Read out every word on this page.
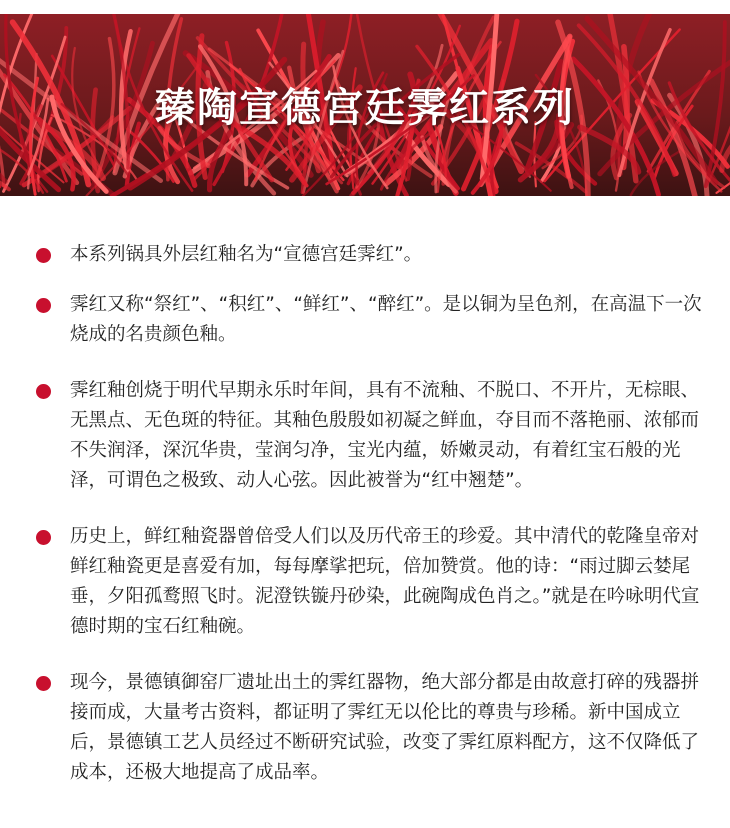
臻陶宣德宫廷霁红系列

本系列锅具外层红釉名为“宣德宫廷霁红”。

霁红又称“祭红”、“积红”、“鲜红”、“醉红”。是以铜为呈色剂，在高温下一次烧成的名贵颜色釉。

霁红釉创烧于明代早期永乐时年间，具有不流釉、不脱口、不开片，无棕眼、无黑点、无色斑的特征。其釉色殷殷如初凝之鲜血，夺目而不落艳丽、浓郁而不失润泽，深沉华贵，莹润匀净，宝光内蕴，娇嫩灵动，有着红宝石般的光泽，可谓色之极致、动人心弦。因此被誉为“红中翘楚”。

历史上，鲜红釉瓷器曾倍受人们以及历代帝王的珍爱。其中清代的乾隆皇帝对鲜红釉瓷更是喜爱有加，每每摩挲把玩，倍加赞赏。他的诗：“雨过脚云婪尾垂，夕阳孤鹜照飞时。泥澄铁镟丹砂染，此碗陶成色肖之。”就是在吟咏明代宣德时期的宝石红釉碗。

现今，景德镇御窑厂遗址出土的霁红器物，绝大部分都是由故意打碎的残器拼接而成，大量考古资料，都证明了霁红无以伦比的尊贵与珍稀。新中国成立后，景德镇工艺人员经过不断研究试验，改变了霁红原料配方，这不仅降低了成本，还极大地提高了成品率。
